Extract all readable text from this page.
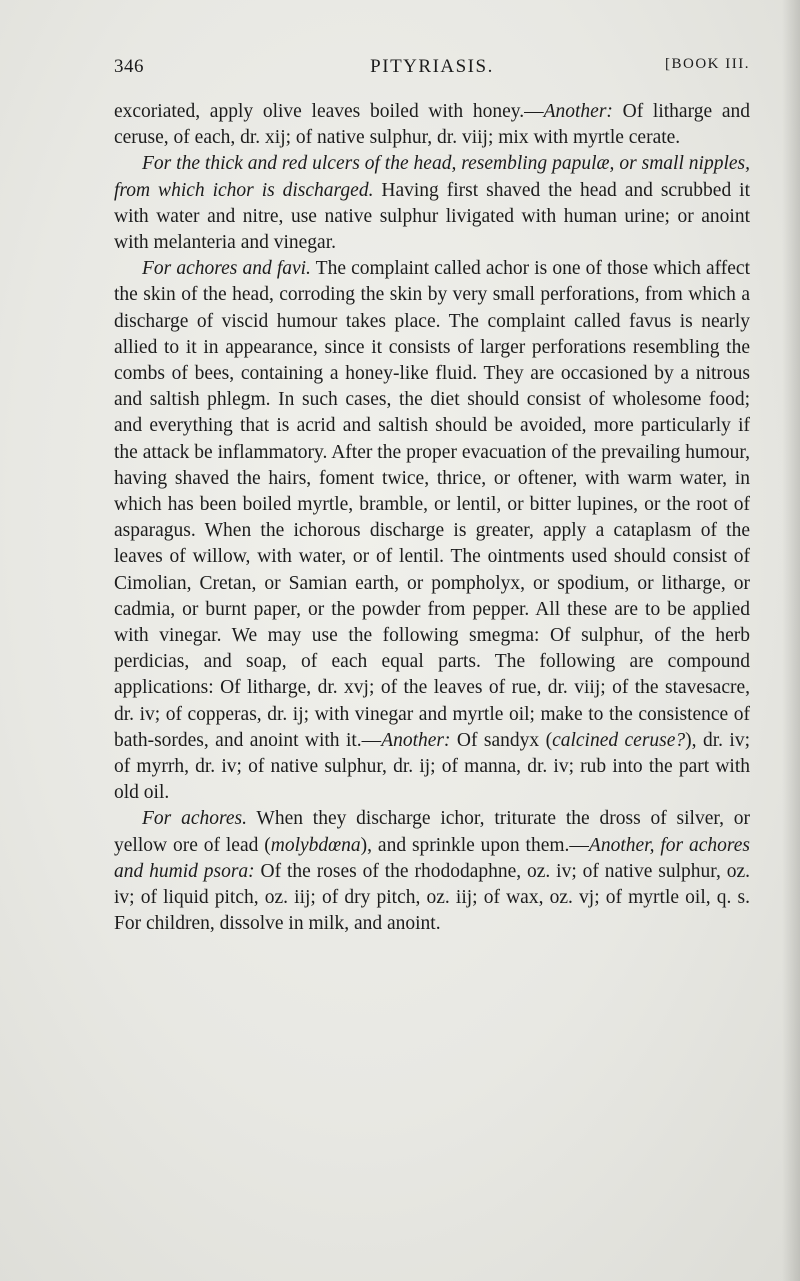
346	PITYRIASIS.	[BOOK III.

excoriated, apply olive leaves boiled with honey.—Another: Of litharge and ceruse, of each, dr. xij; of native sulphur, dr. viij; mix with myrtle cerate.

For the thick and red ulcers of the head, resembling papulæ, or small nipples, from which ichor is discharged. Having first shaved the head and scrubbed it with water and nitre, use native sulphur livigated with human urine; or anoint with melanteria and vinegar.

For achores and favi. The complaint called achor is one of those which affect the skin of the head, corroding the skin by very small perforations, from which a discharge of viscid humour takes place. The complaint called favus is nearly allied to it in appearance, since it consists of larger perforations resembling the combs of bees, containing a honey-like fluid. They are occasioned by a nitrous and saltish phlegm. In such cases, the diet should consist of wholesome food; and everything that is acrid and saltish should be avoided, more particularly if the attack be inflammatory. After the proper evacuation of the prevailing humour, having shaved the hairs, foment twice, thrice, or oftener, with warm water, in which has been boiled myrtle, bramble, or lentil, or bitter lupines, or the root of asparagus. When the ichorous discharge is greater, apply a cataplasm of the leaves of willow, with water, or of lentil. The ointments used should consist of Cimolian, Cretan, or Samian earth, or pompholyx, or spodium, or litharge, or cadmia, or burnt paper, or the powder from pepper. All these are to be applied with vinegar. We may use the following smegma: Of sulphur, of the herb perdicias, and soap, of each equal parts. The following are compound applications: Of litharge, dr. xvj; of the leaves of rue, dr. viij; of the stavesacre, dr. iv; of copperas, dr. ij; with vinegar and myrtle oil; make to the consistence of bath-sordes, and anoint with it.—Another: Of sandyx (calcined ceruse?), dr. iv; of myrrh, dr. iv; of native sulphur, dr. ij; of manna, dr. iv; rub into the part with old oil.

For achores. When they discharge ichor, triturate the dross of silver, or yellow ore of lead (molybdœna), and sprinkle upon them.—Another, for achores and humid psora: Of the roses of the rhododaphne, oz. iv; of native sulphur, oz. iv; of liquid pitch, oz. iij; of dry pitch, oz. iij; of wax, oz. vj; of myrtle oil, q. s. For children, dissolve in milk, and anoint.
